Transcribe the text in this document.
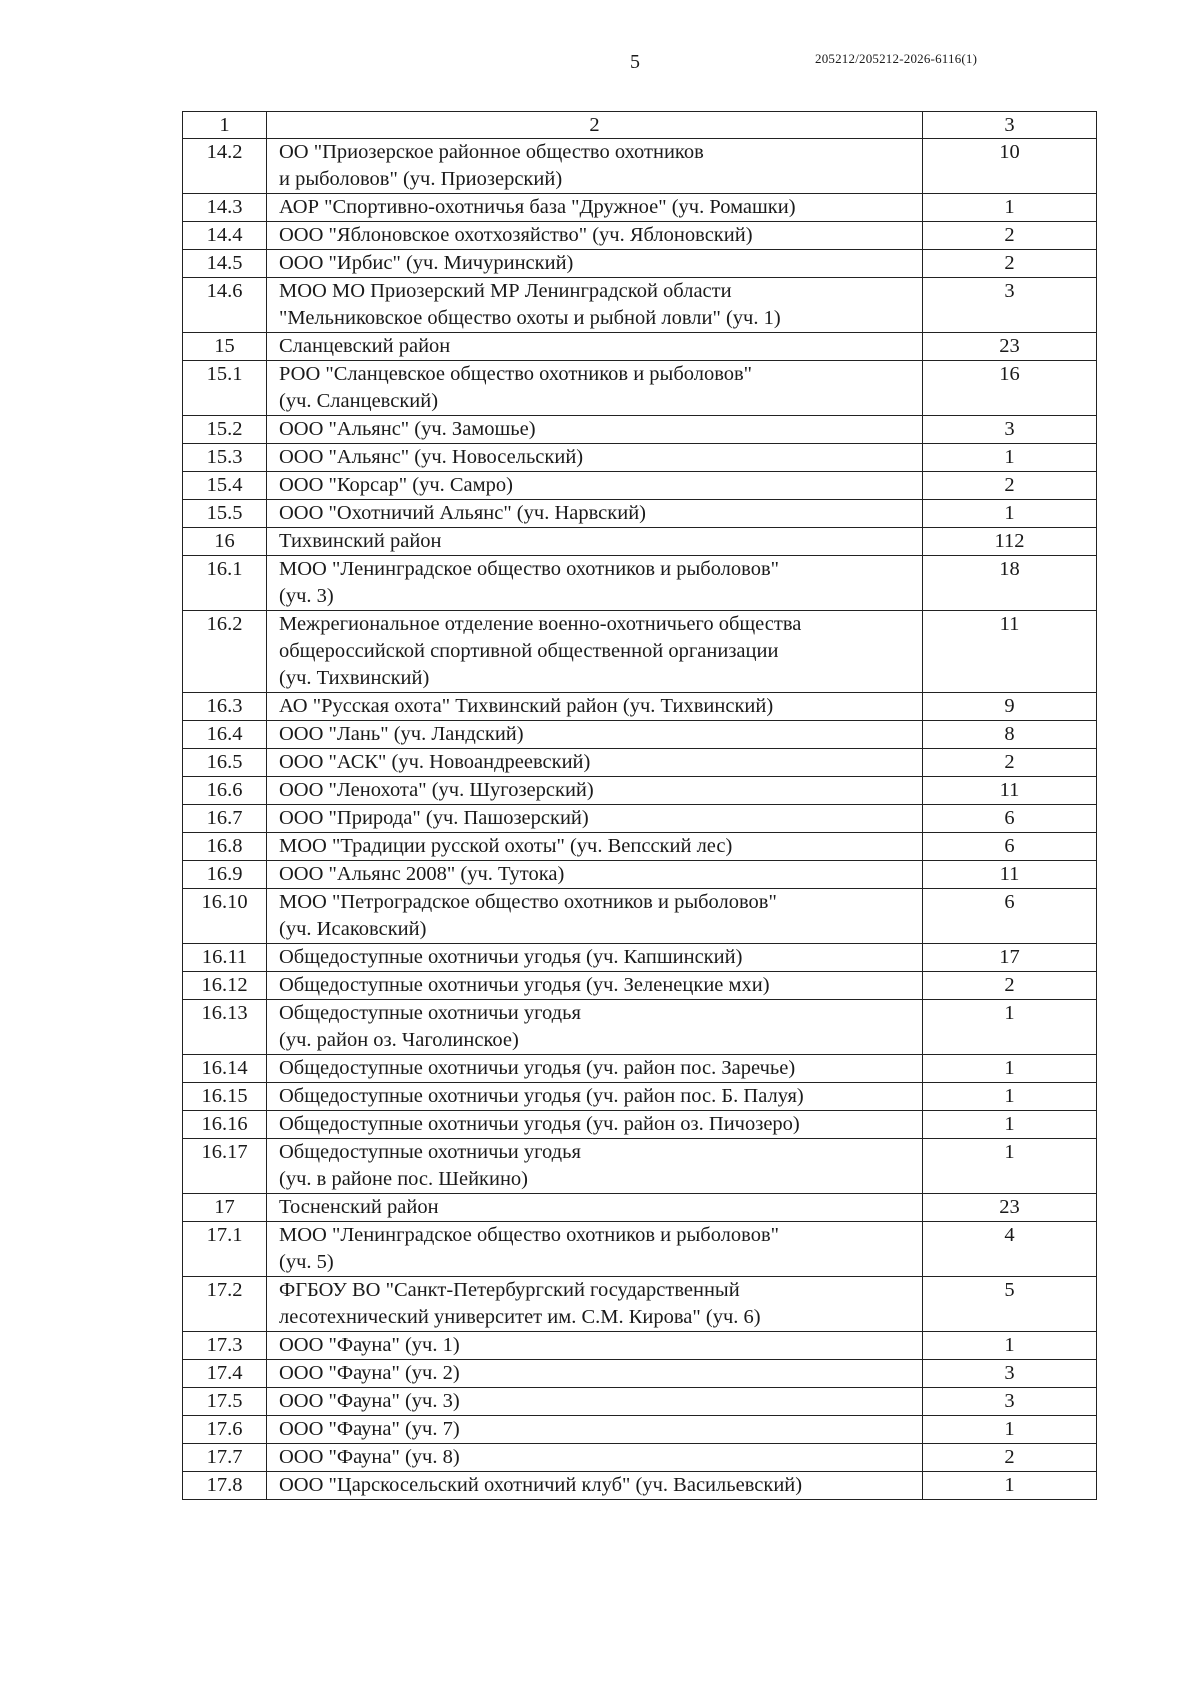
5	205212/205212-2026-6116(1)
1	2	3
14.2	ОО "Приозерское районное общество охотников
и рыболовов" (уч. Приозерский)	10
14.3	АОР "Спортивно-охотничья база "Дружное" (уч. Ромашки)	1
14.4	ООО "Яблоновское охотхозяйство" (уч. Яблоновский)	2
14.5	ООО "Ирбис" (уч. Мичуринский)	2
14.6	МОО МО Приозерский МР Ленинградской области
"Мельниковское общество охоты и рыбной ловли" (уч. 1)	3
15	Сланцевский район	23
15.1	РОО "Сланцевское общество охотников и рыболовов"
(уч. Сланцевский)	16
15.2	ООО "Альянс" (уч. Замошье)	3
15.3	ООО "Альянс" (уч. Новосельский)	1
15.4	ООО "Корсар" (уч. Самро)	2
15.5	ООО "Охотничий Альянс" (уч. Нарвский)	1
16	Тихвинский район	112
16.1	МОО "Ленинградское общество охотников и рыболовов"
(уч. 3)	18
16.2	Межрегиональное отделение военно-охотничьего общества
общероссийской спортивной общественной организации
(уч. Тихвинский)	11
16.3	АО "Русская охота" Тихвинский район (уч. Тихвинский)	9
16.4	ООО "Лань" (уч. Ландский)	8
16.5	ООО "АСК" (уч. Новоандреевский)	2
16.6	ООО "Ленохота" (уч. Шугозерский)	11
16.7	ООО "Природа" (уч. Пашозерский)	6
16.8	МОО "Традиции русской охоты" (уч. Вепсский лес)	6
16.9	ООО "Альянс 2008" (уч. Тутока)	11
16.10	МОО "Петроградское общество охотников и рыболовов"
(уч. Исаковский)	6
16.11	Общедоступные охотничьи угодья (уч. Капшинский)	17
16.12	Общедоступные охотничьи угодья (уч. Зеленецкие мхи)	2
16.13	Общедоступные охотничьи угодья
(уч. район оз. Чаголинское)	1
16.14	Общедоступные охотничьи угодья (уч. район пос. Заречье)	1
16.15	Общедоступные охотничьи угодья (уч. район пос. Б. Палуя)	1
16.16	Общедоступные охотничьи угодья (уч. район оз. Пичозеро)	1
16.17	Общедоступные охотничьи угодья
(уч. в районе пос. Шейкино)	1
17	Тосненский район	23
17.1	МОО "Ленинградское общество охотников и рыболовов"
(уч. 5)	4
17.2	ФГБОУ ВО "Санкт-Петербургский государственный
лесотехнический университет им. С.М. Кирова" (уч. 6)	5
17.3	ООО "Фауна" (уч. 1)	1
17.4	ООО "Фауна" (уч. 2)	3
17.5	ООО "Фауна" (уч. 3)	3
17.6	ООО "Фауна" (уч. 7)	1
17.7	ООО "Фауна" (уч. 8)	2
17.8	ООО "Царскосельский охотничий клуб" (уч. Васильевский)	1
